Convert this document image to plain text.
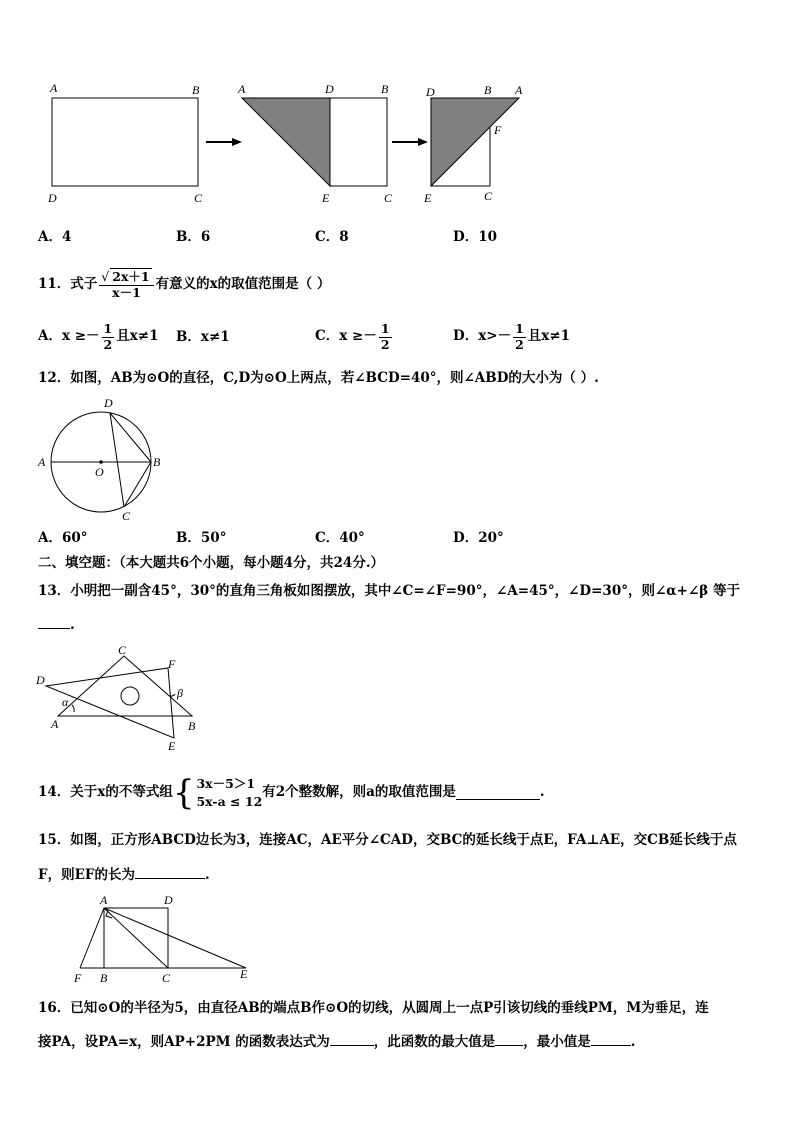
A	B
D	C
A	D	B
E	C
D	B A
F
E	C
A．4	B．6	C．8	D．10
11．式子 $\frac{√ 2x+1}{x-1}$ 有意义的x的取值范围是（ ）
A．$x \ge- \frac{1}{2}$ 且x≠1 B．x≠1	C．$x \ge- \frac{1}{2}$	D．$x>- \frac{1}{2}$ 且x≠1
12．如图，AB为⊙O的直径，C,D为⊙O上两点，若∠BCD=40°，则∠ABD的大小为（ ）.
D
A
O
B
C
A．60°	B．50°	C．40°	D．20°
二、填空题：（本大题共6个小题，每小题4分，共24分.）
13．小明把一副含45°，30°的直角三角板如图摆放，其中∠C=∠F=90°，∠A=45°，∠D=30°，则∠α+∠β 等于
.
C
F
D
β
α
A	B
E
14．关于x的不等式组 { 3x－5＞1
5x-a ≤ 12
有2个整数解，则a的取值范围是	.
15．如图，正方形ABCD边长为3，连接AC，AE平分∠CAD，交BC的延长线于点E，FA⊥AE，交CB延长线于点
F，则EF的长为	.
A	D
F B	C	E
16．已知⊙O的半径为5，由直径AB的端点B作⊙O的切线，从圆周上一点P引该切线的垂线PM，M为垂足，连
接PA，设PA=x，则AP+2PM 的函数表达式为	，此函数的最大值是 ，最小值是	.
